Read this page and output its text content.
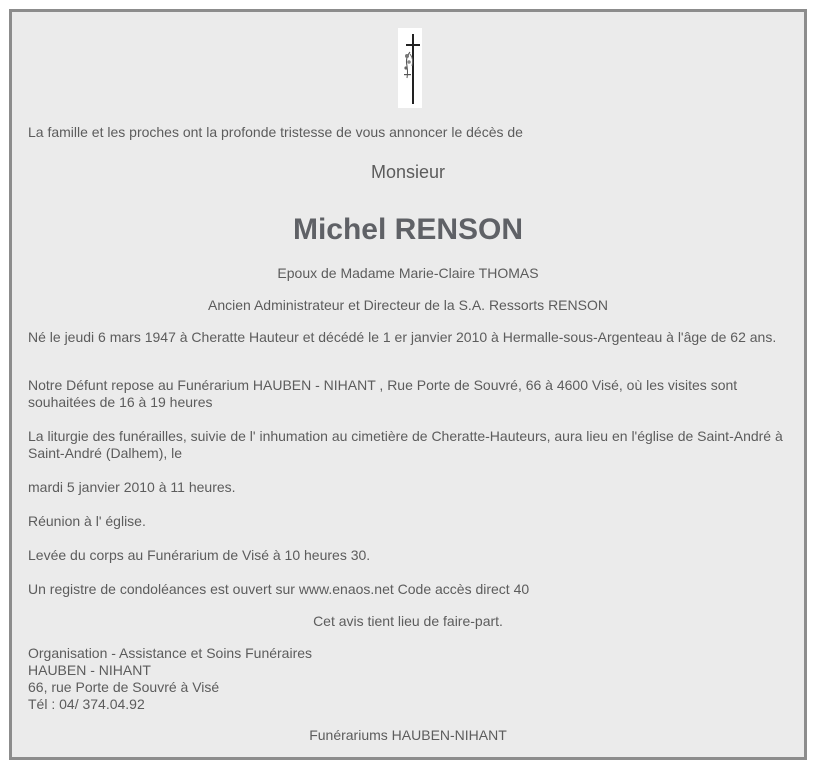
La famille et les proches ont la profonde tristesse de vous annoncer le décès de

Monsieur

Michel RENSON

Epoux de Madame Marie-Claire THOMAS

Ancien Administrateur et Directeur de la S.A. Ressorts RENSON

Né le jeudi 6 mars 1947 à Cheratte Hauteur et décédé le 1 er janvier 2010 à Hermalle-sous-Argenteau à l'âge de 62 ans.

Notre Défunt repose au Funérarium HAUBEN - NIHANT , Rue Porte de Souvré, 66 à 4600 Visé, où les visites sont souhaitées de 16 à 19 heures

La liturgie des funérailles, suivie de l' inhumation au cimetière de Cheratte-Hauteurs, aura lieu en l'église de Saint-André à Saint-André (Dalhem), le

mardi 5 janvier 2010 à 11 heures.

Réunion à l' église.

Levée du corps au Funérarium de Visé à 10 heures 30.

Un registre de condoléances est ouvert sur www.enaos.net Code accès direct 40

Cet avis tient lieu de faire-part.

Organisation - Assistance et Soins Funéraires
HAUBEN - NIHANT
66, rue Porte de Souvré à Visé
Tél : 04/ 374.04.92

Funérariums HAUBEN-NIHANT
